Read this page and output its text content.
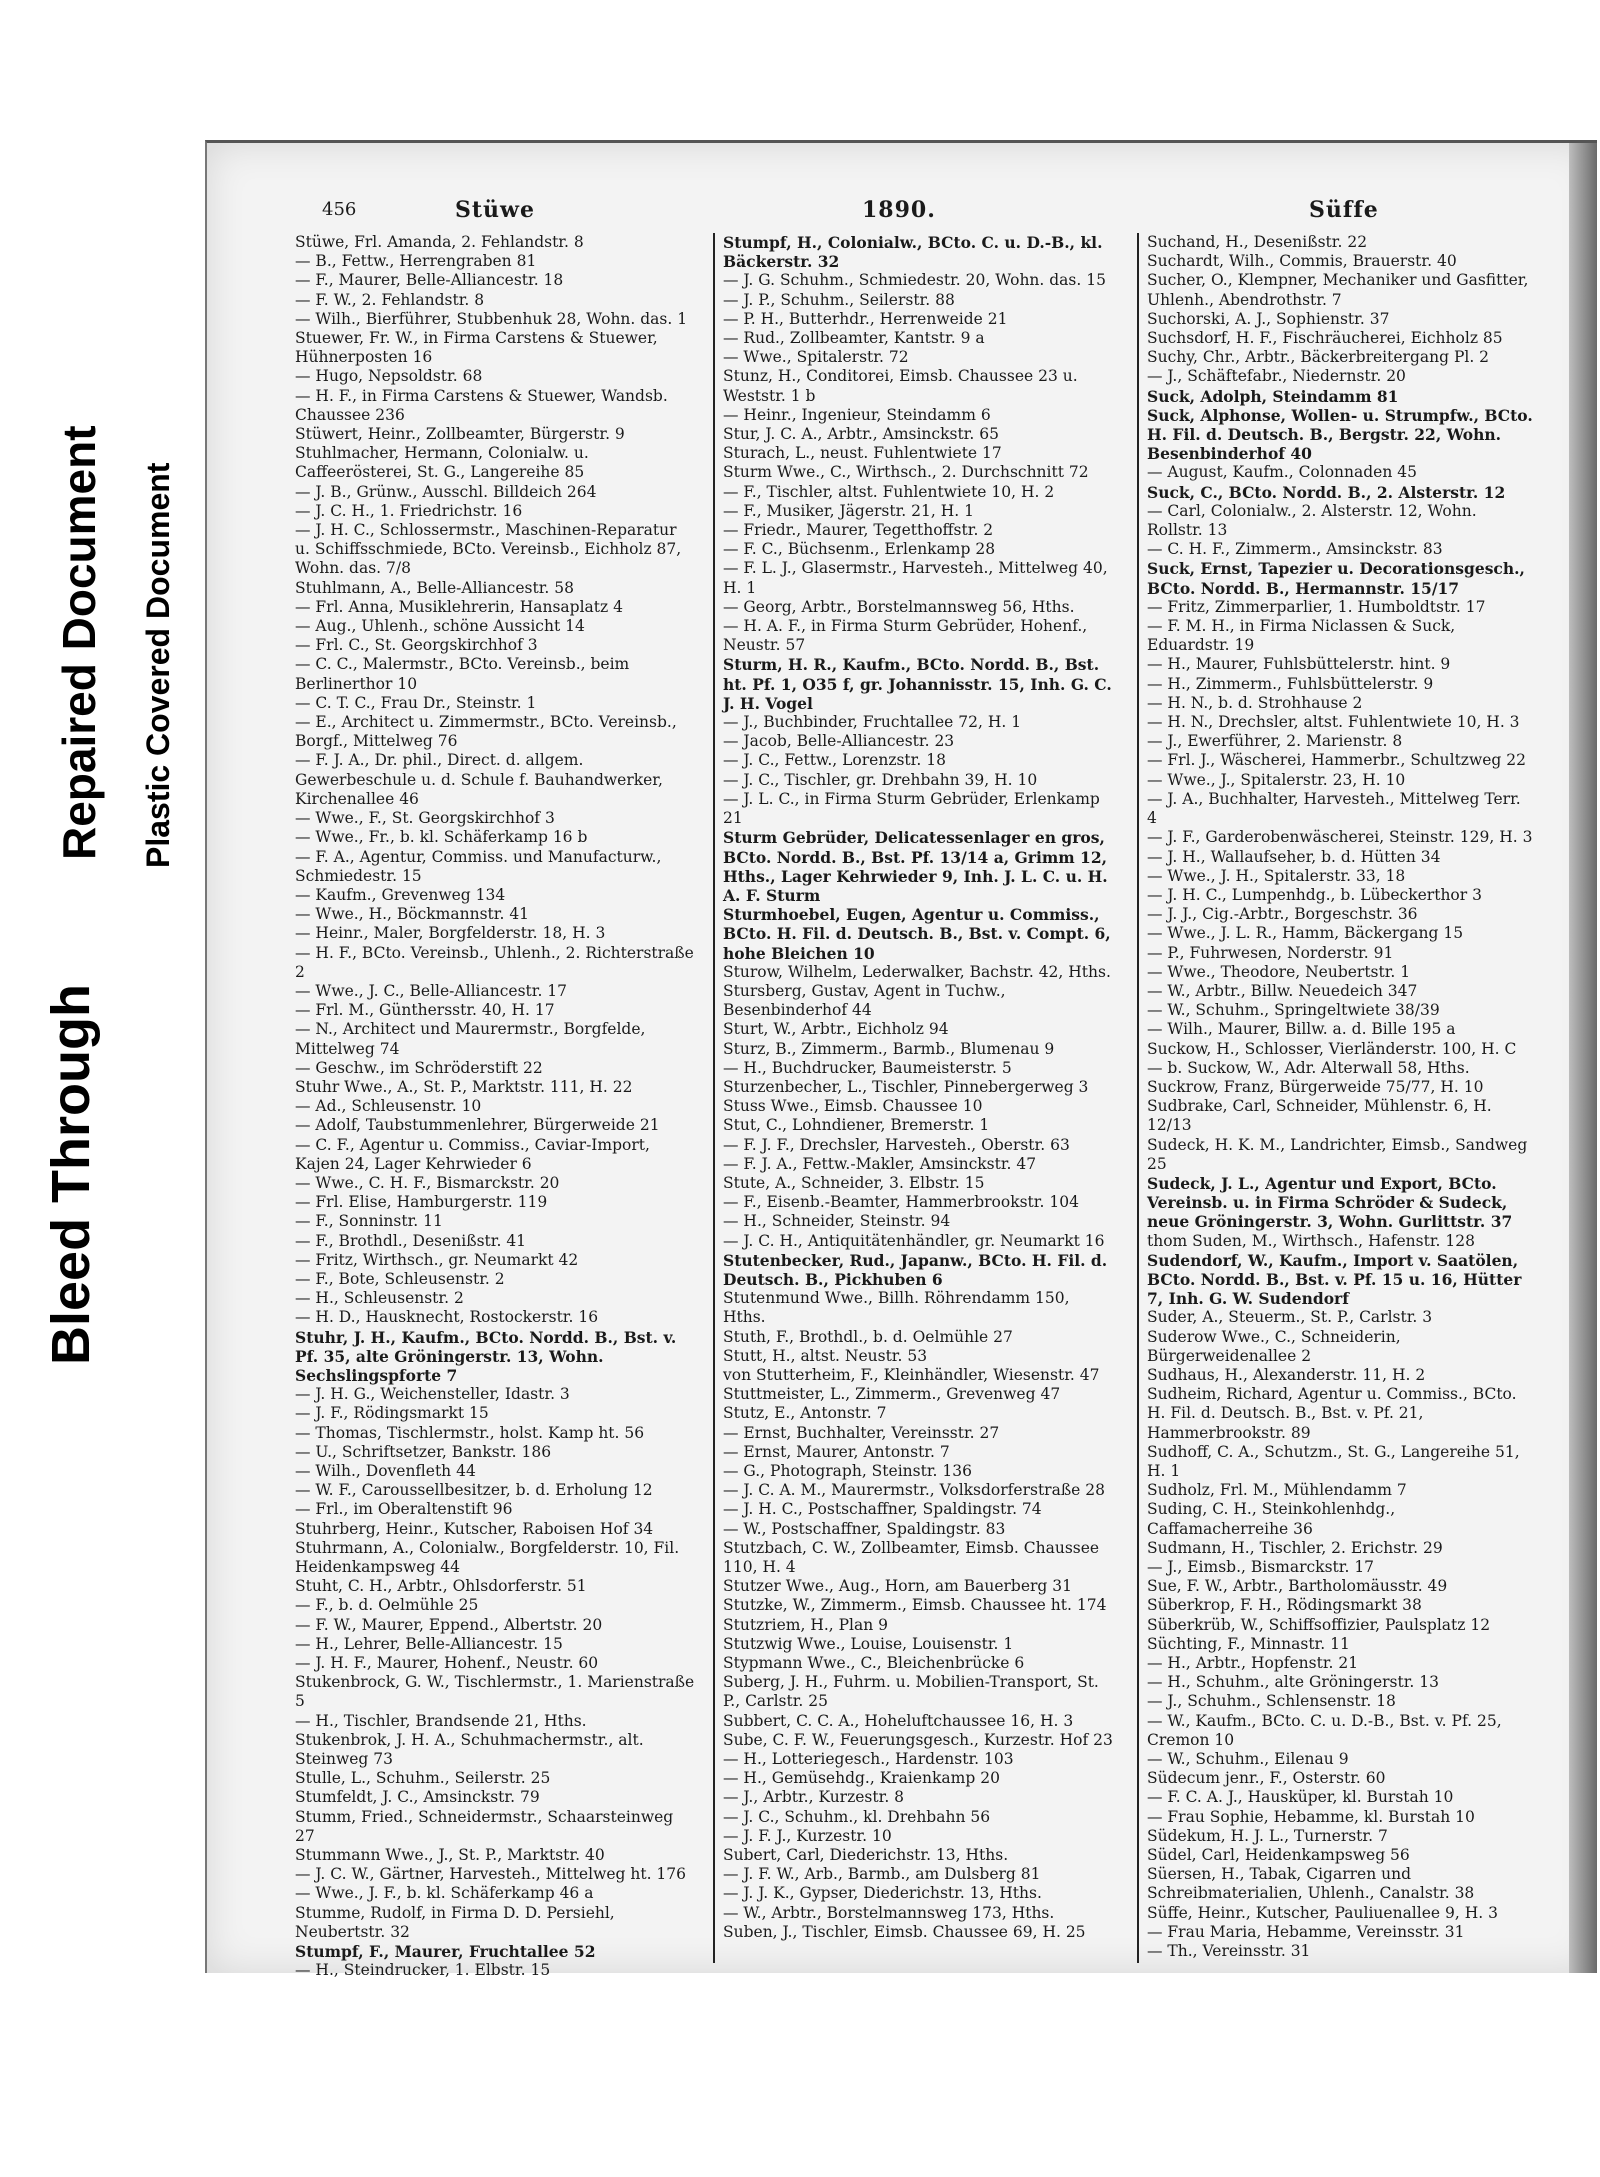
Bleed Through
Repaired Document Plastic Covered Document
456	Stüwe	1890.	Süffe

Stüwe, Frl. Amanda, 2. Fehlandstr. 8

— B., Fettw., Herrengraben 81

— F., Maurer, Belle-Alliancestr. 18

— F. W., 2. Fehlandstr. 8

— Wilh., Bierführer, Stubbenhuk 28, Wohn. das. 1

Stuewer, Fr. W., in Firma Carstens & Stuewer, Hühnerposten 16

— Hugo, Nepsoldstr. 68

— H. F., in Firma Carstens & Stuewer, Wandsb. Chaussee 236

Stüwert, Heinr., Zollbeamter, Bürgerstr. 9

Stuhlmacher, Hermann, Colonialw. u. Caffeerösterei, St. G., Langereihe 85

— J. B., Grünw., Ausschl. Billdeich 264

— J. C. H., 1. Friedrichstr. 16

— J. H. C., Schlossermstr., Maschinen-Reparatur u. Schiffsschmiede, BCto. Vereinsb., Eichholz 87, Wohn. das. 7/8

Stuhlmann, A., Belle-Alliancestr. 58

— Frl. Anna, Musiklehrerin, Hansaplatz 4

— Aug., Uhlenh., schöne Aussicht 14

— Frl. C., St. Georgskirchhof 3

— C. C., Malermstr., BCto. Vereinsb., beim Berlinerthor 10

— C. T. C., Frau Dr., Steinstr. 1

— E., Architect u. Zimmermstr., BCto. Vereinsb., Borgf., Mittelweg 76

— F. J. A., Dr. phil., Direct. d. allgem. Gewerbeschule u. d. Schule f. Bauhandwerker, Kirchenallee 46

— Wwe., F., St. Georgskirchhof 3

— Wwe., Fr., b. kl. Schäferkamp 16 b

— F. A., Agentur, Commiss. und Manufacturw., Schmiedestr. 15

— Kaufm., Grevenweg 134

— Wwe., H., Böckmannstr. 41

— Heinr., Maler, Borgfelderstr. 18, H. 3

— H. F., BCto. Vereinsb., Uhlenh., 2. Richterstraße 2

— Wwe., J. C., Belle-Alliancestr. 17

— Frl. M., Günthersstr. 40, H. 17

— N., Architect und Maurermstr., Borgfelde, Mittelweg 74

— Geschw., im Schröderstift 22

Stuhr Wwe., A., St. P., Marktstr. 111, H. 22

— Ad., Schleusenstr. 10

— Adolf, Taubstummenlehrer, Bürgerweide 21

— C. F., Agentur u. Commiss., Caviar-Import, Kajen 24, Lager Kehrwieder 6

— Wwe., C. H. F., Bismarckstr. 20

— Frl. Elise, Hamburgerstr. 119

— F., Sonninstr. 11

— F., Brothdl., Desenißstr. 41

— Fritz, Wirthsch., gr. Neumarkt 42

— F., Bote, Schleusenstr. 2

— H., Schleusenstr. 2

— H. D., Hausknecht, Rostockerstr. 16

Stuhr, J. H., Kaufm., BCto. Nordd. B., Bst. v. Pf. 35, alte Gröningerstr. 13, Wohn. Sechslingspforte 7

— J. H. G., Weichensteller, Idastr. 3

— J. F., Rödingsmarkt 15

— Thomas, Tischlermstr., holst. Kamp ht. 56

— U., Schriftsetzer, Bankstr. 186

— Wilh., Dovenfleth 44

— W. F., Caroussellbesitzer, b. d. Erholung 12

— Frl., im Oberaltenstift 96

Stuhrberg, Heinr., Kutscher, Raboisen Hof 34

Stuhrmann, A., Colonialw., Borgfelderstr. 10, Fil. Heidenkampsweg 44

Stuht, C. H., Arbtr., Ohlsdorferstr. 51

— F., b. d. Oelmühle 25

— F. W., Maurer, Eppend., Albertstr. 20

— H., Lehrer, Belle-Alliancestr. 15

— J. H. F., Maurer, Hohenf., Neustr. 60

Stukenbrock, G. W., Tischlermstr., 1. Marienstraße 5

— H., Tischler, Brandsende 21, Hths.

Stukenbrok, J. H. A., Schuhmachermstr., alt. Steinweg 73

Stulle, L., Schuhm., Seilerstr. 25

Stumfeldt, J. C., Amsinckstr. 79

Stumm, Fried., Schneidermstr., Schaarsteinweg 27

Stummann Wwe., J., St. P., Marktstr. 40

— J. C. W., Gärtner, Harvesteh., Mittelweg ht. 176

— Wwe., J. F., b. kl. Schäferkamp 46 a

Stumme, Rudolf, in Firma D. D. Persiehl, Neubertstr. 32

Stumpf, F., Maurer, Fruchtallee 52

— H., Steindrucker, 1. Elbstr. 15

Stumpf, H., Colonialw., BCto. C. u. D.-B., kl. Bäckerstr. 32

— J. G. Schuhm., Schmiedestr. 20, Wohn. das. 15

— J. P., Schuhm., Seilerstr. 88

— P. H., Butterhdr., Herrenweide 21

— Rud., Zollbeamter, Kantstr. 9 a

— Wwe., Spitalerstr. 72

Stunz, H., Conditorei, Eimsb. Chaussee 23 u. Weststr. 1 b

— Heinr., Ingenieur, Steindamm 6

Stur, J. C. A., Arbtr., Amsinckstr. 65

Sturach, L., neust. Fuhlentwiete 17

Sturm Wwe., C., Wirthsch., 2. Durchschnitt 72

— F., Tischler, altst. Fuhlentwiete 10, H. 2

— F., Musiker, Jägerstr. 21, H. 1

— Friedr., Maurer, Tegetthoffstr. 2

— F. C., Büchsenm., Erlenkamp 28

— F. L. J., Glasermstr., Harvesteh., Mittelweg 40, H. 1

— Georg, Arbtr., Borstelmannsweg 56, Hths.

— H. A. F., in Firma Sturm Gebrüder, Hohenf., Neustr. 57

Sturm, H. R., Kaufm., BCto. Nordd. B., Bst. ht. Pf. 1, O35 f, gr. Johannisstr. 15, Inh. G. C. J. H. Vogel

— J., Buchbinder, Fruchtallee 72, H. 1

— Jacob, Belle-Alliancestr. 23

— J. C., Fettw., Lorenzstr. 18

— J. C., Tischler, gr. Drehbahn 39, H. 10

— J. L. C., in Firma Sturm Gebrüder, Erlenkamp 21

Sturm Gebrüder, Delicatessenlager en gros, BCto. Nordd. B., Bst. Pf. 13/14 a, Grimm 12, Hths., Lager Kehrwieder 9, Inh. J. L. C. u. H. A. F. Sturm

Sturmhoebel, Eugen, Agentur u. Commiss., BCto. H. Fil. d. Deutsch. B., Bst. v. Compt. 6, hohe Bleichen 10

Sturow, Wilhelm, Lederwalker, Bachstr. 42, Hths.

Stursberg, Gustav, Agent in Tuchw., Besenbinderhof 44

Sturt, W., Arbtr., Eichholz 94

Sturz, B., Zimmerm., Barmb., Blumenau 9

— H., Buchdrucker, Baumeisterstr. 5

Sturzenbecher, L., Tischler, Pinnebergerweg 3

Stuss Wwe., Eimsb. Chaussee 10

Stut, C., Lohndiener, Bremerstr. 1

— F. J. F., Drechsler, Harvesteh., Oberstr. 63

— F. J. A., Fettw.-Makler, Amsinckstr. 47

Stute, A., Schneider, 3. Elbstr. 15

— F., Eisenb.-Beamter, Hammerbrookstr. 104

— H., Schneider, Steinstr. 94

— J. C. H., Antiquitätenhändler, gr. Neumarkt 16

Stutenbecker, Rud., Japanw., BCto. H. Fil. d. Deutsch. B., Pickhuben 6

Stutenmund Wwe., Billh. Röhrendamm 150, Hths.

Stuth, F., Brothdl., b. d. Oelmühle 27

Stutt, H., altst. Neustr. 53

von Stutterheim, F., Kleinhändler, Wiesenstr. 47

Stuttmeister, L., Zimmerm., Grevenweg 47

Stutz, E., Antonstr. 7

— Ernst, Buchhalter, Vereinsstr. 27

— Ernst, Maurer, Antonstr. 7

— G., Photograph, Steinstr. 136

— J. C. A. M., Maurermstr., Volksdorferstraße 28

— J. H. C., Postschaffner, Spaldingstr. 74

— W., Postschaffner, Spaldingstr. 83

Stutzbach, C. W., Zollbeamter, Eimsb. Chaussee 110, H. 4

Stutzer Wwe., Aug., Horn, am Bauerberg 31

Stutzke, W., Zimmerm., Eimsb. Chaussee ht. 174

Stutzriem, H., Plan 9

Stutzwig Wwe., Louise, Louisenstr. 1

Stypmann Wwe., C., Bleichenbrücke 6

Suberg, J. H., Fuhrm. u. Mobilien-Transport, St. P., Carlstr. 25

Subbert, C. C. A., Hoheluftchaussee 16, H. 3

Sube, C. F. W., Feuerungsgesch., Kurzestr. Hof 23

— H., Lotteriegesch., Hardenstr. 103

— H., Gemüsehdg., Kraienkamp 20

— J., Arbtr., Kurzestr. 8

— J. C., Schuhm., kl. Drehbahn 56

— J. F. J., Kurzestr. 10

Subert, Carl, Diederichstr. 13, Hths.

— J. F. W., Arb., Barmb., am Dulsberg 81

— J. J. K., Gypser, Diederichstr. 13, Hths.

— W., Arbtr., Borstelmannsweg 173, Hths.

Suben, J., Tischler, Eimsb. Chaussee 69, H. 25

Suchand, H., Desenißstr. 22

Suchardt, Wilh., Commis, Brauerstr. 40

Sucher, O., Klempner, Mechaniker und Gasfitter, Uhlenh., Abendrothstr. 7

Suchorski, A. J., Sophienstr. 37

Suchsdorf, H. F., Fischräucherei, Eichholz 85

Suchy, Chr., Arbtr., Bäckerbreitergang Pl. 2

— J., Schäftefabr., Niedernstr. 20

Suck, Adolph, Steindamm 81

Suck, Alphonse, Wollen- u. Strumpfw., BCto. H. Fil. d. Deutsch. B., Bergstr. 22, Wohn. Besenbinderhof 40

— August, Kaufm., Colonnaden 45

Suck, C., BCto. Nordd. B., 2. Alsterstr. 12

— Carl, Colonialw., 2. Alsterstr. 12, Wohn. Rollstr. 13

— C. H. F., Zimmerm., Amsinckstr. 83

Suck, Ernst, Tapezier u. Decorationsgesch., BCto. Nordd. B., Hermannstr. 15/17

— Fritz, Zimmerparlier, 1. Humboldtstr. 17

— F. M. H., in Firma Niclassen & Suck, Eduardstr. 19

— H., Maurer, Fuhlsbüttelerstr. hint. 9

— H., Zimmerm., Fuhlsbüttelerstr. 9

— H. N., b. d. Strohhause 2

— H. N., Drechsler, altst. Fuhlentwiete 10, H. 3

— J., Ewerführer, 2. Marienstr. 8

— Frl. J., Wäscherei, Hammerbr., Schultzweg 22

— Wwe., J., Spitalerstr. 23, H. 10

— J. A., Buchhalter, Harvesteh., Mittelweg Terr. 4

— J. F., Garderobenwäscherei, Steinstr. 129, H. 3

— J. H., Wallaufseher, b. d. Hütten 34

— Wwe., J. H., Spitalerstr. 33, 18

— J. H. C., Lumpenhdg., b. Lübeckerthor 3

— J. J., Cig.-Arbtr., Borgeschstr. 36

— Wwe., J. L. R., Hamm, Bäckergang 15

— P., Fuhrwesen, Norderstr. 91

— Wwe., Theodore, Neubertstr. 1

— W., Arbtr., Billw. Neuedeich 347

— W., Schuhm., Springeltwiete 38/39

— Wilh., Maurer, Billw. a. d. Bille 195 a

Suckow, H., Schlosser, Vierländerstr. 100, H. C

— b. Suckow, W., Adr. Alterwall 58, Hths.

Suckrow, Franz, Bürgerweide 75/77, H. 10

Sudbrake, Carl, Schneider, Mühlenstr. 6, H. 12/13

Sudeck, H. K. M., Landrichter, Eimsb., Sandweg 25

Sudeck, J. L., Agentur und Export, BCto. Vereinsb. u. in Firma Schröder & Sudeck, neue Gröningerstr. 3, Wohn. Gurlittstr. 37

thom Suden, M., Wirthsch., Hafenstr. 128

Sudendorf, W., Kaufm., Import v. Saatölen, BCto. Nordd. B., Bst. v. Pf. 15 u. 16, Hütter 7, Inh. G. W. Sudendorf

Suder, A., Steuerm., St. P., Carlstr. 3

Suderow Wwe., C., Schneiderin, Bürgerweidenallee 2

Sudhaus, H., Alexanderstr. 11, H. 2

Sudheim, Richard, Agentur u. Commiss., BCto. H. Fil. d. Deutsch. B., Bst. v. Pf. 21, Hammerbrookstr. 89

Sudhoff, C. A., Schutzm., St. G., Langereihe 51, H. 1

Sudholz, Frl. M., Mühlendamm 7

Suding, C. H., Steinkohlenhdg., Caffamacherreihe 36

Sudmann, H., Tischler, 2. Erichstr. 29

— J., Eimsb., Bismarckstr. 17

Sue, F. W., Arbtr., Bartholomäusstr. 49

Süberkrop, F. H., Rödingsmarkt 38

Süberkrüb, W., Schiffsoffizier, Paulsplatz 12

Süchting, F., Minnastr. 11

— H., Arbtr., Hopfenstr. 21

— H., Schuhm., alte Gröningerstr. 13

— J., Schuhm., Schlensenstr. 18

— W., Kaufm., BCto. C. u. D.-B., Bst. v. Pf. 25, Cremon 10

— W., Schuhm., Eilenau 9

Südecum jenr., F., Osterstr. 60

— F. C. A. J., Hausküper, kl. Burstah 10

— Frau Sophie, Hebamme, kl. Burstah 10

Südekum, H. J. L., Turnerstr. 7

Südel, Carl, Heidenkampsweg 56

Süersen, H., Tabak, Cigarren und Schreibmaterialien, Uhlenh., Canalstr. 38

Süffe, Heinr., Kutscher, Pauliuenallee 9, H. 3

— Frau Maria, Hebamme, Vereinsstr. 31

— Th., Vereinsstr. 31
